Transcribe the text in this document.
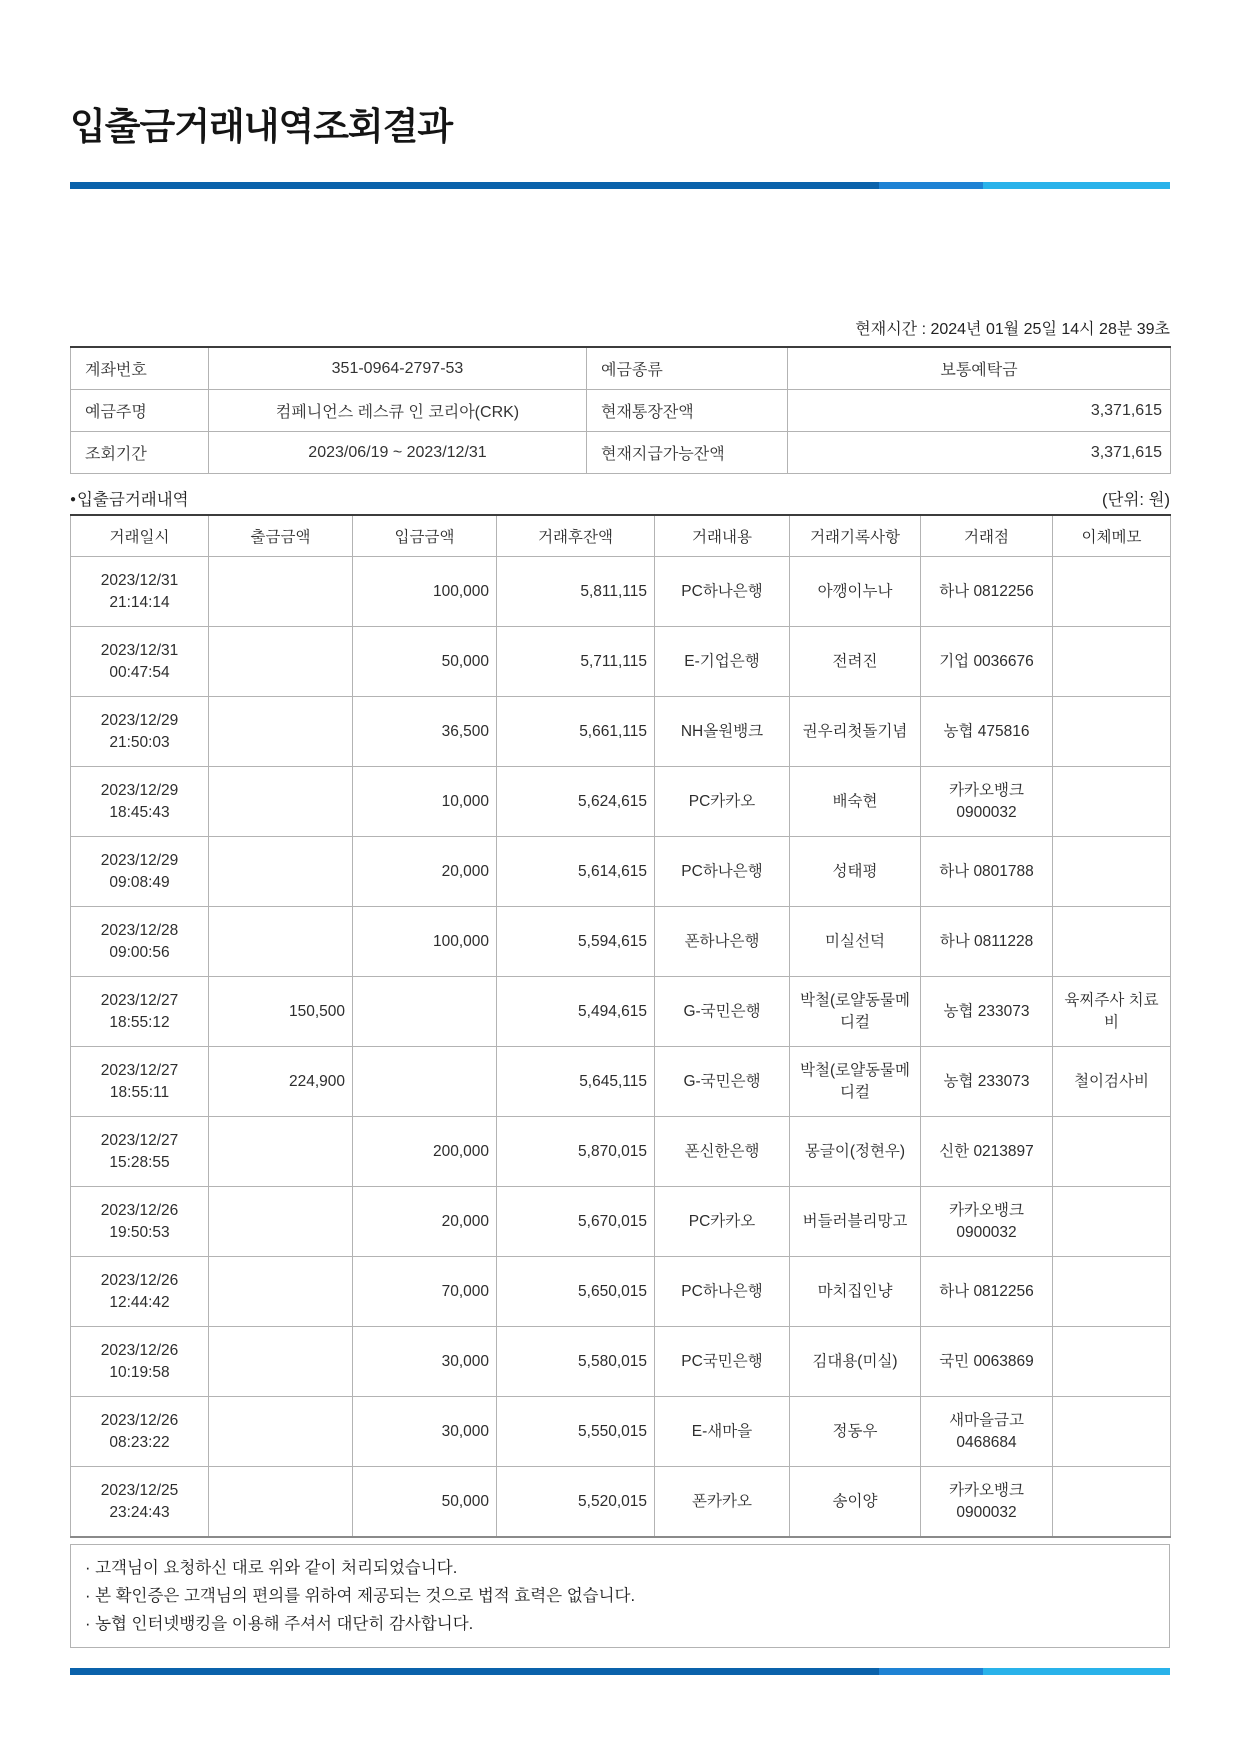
입출금거래내역조회결과
현재시간 : 2024년 01월 25일 14시 28분 39초
계좌번호	351-0964-2797-53	예금종류	보통예탁금
예금주명	컴페니언스 레스큐 인 코리아(CRK)	현재통장잔액	3,371,615
조회기간	2023/06/19 ~ 2023/12/31	현재지급가능잔액	3,371,615
●입출금거래내역	(단위: 원)
거래일시	출금금액	입금금액	거래후잔액	거래내용	거래기록사항	거래점	이체메모

2023/12/31
21:14:14		100,000	5,811,115	PC하나은행	아깽이누나	하나 0812256	

2023/12/31
00:47:54		50,000	5,711,115	E-기업은행	전려진	기업 0036676	

2023/12/29
21:50:03		36,500	5,661,115	NH올원뱅크	권우리첫돌기념	농협 475816	

2023/12/29
18:45:43		10,000	5,624,615	PC카카오	배숙현	카카오뱅크 0900032	

2023/12/29
09:08:49		20,000	5,614,615	PC하나은행	성태평	하나 0801788	

2023/12/28
09:00:56		100,000	5,594,615	폰하나은행	미실선덕	하나 0811228	

2023/12/27
18:55:12	150,500		5,494,615	G-국민은행	박철(로얄동물메디컬	농협 233073	육찌주사 치료비

2023/12/27
18:55:11	224,900		5,645,115	G-국민은행	박철(로얄동물메디컬	농협 233073	철이검사비

2023/12/27
15:28:55		200,000	5,870,015	폰신한은행	몽글이(정현우)	신한 0213897	

2023/12/26
19:50:53		20,000	5,670,015	PC카카오	버들러블리망고	카카오뱅크 0900032	

2023/12/26
12:44:42		70,000	5,650,015	PC하나은행	마치집인냥	하나 0812256	

2023/12/26
10:19:58		30,000	5,580,015	PC국민은행	김대용(미실)	국민 0063869	

2023/12/26
08:23:22		30,000	5,550,015	E-새마을	정동우	새마을금고 0468684	

2023/12/25
23:24:43		50,000	5,520,015	폰카카오	송이양	카카오뱅크 0900032	

· 고객님이 요청하신 대로 위와 같이 처리되었습니다.

· 본 확인증은 고객님의 편의를 위하여 제공되는 것으로 법적 효력은 없습니다.

· 농협 인터넷뱅킹을 이용해 주셔서 대단히 감사합니다.
